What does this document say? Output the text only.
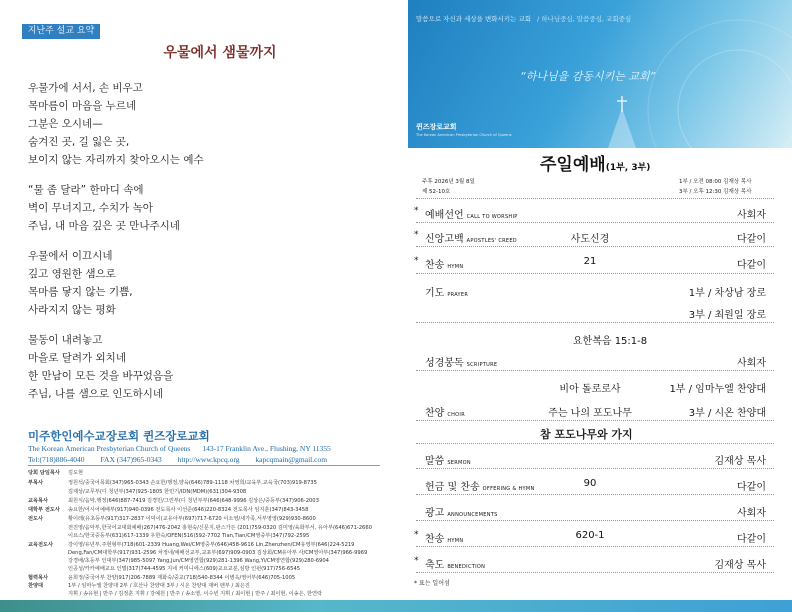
지난주 설교 요약
우물에서 샘물까지
우물가에 서서, 손 비우고
목마름이 마음을 누르네
그분은 오시네—
숨겨진 곳, 길 잃은 곳,
보이지 않는 자리까지 찾아오시는 예수
“물 좀 달라” 한마디 속에
벽이 무너지고, 수치가 녹아
주님, 내 마음 깊은 곳 만나주시네
우물에서 이끄시네
깊고 영원한 샘으로
목마름 닿지 않는 기쁨,
사라지지 않는 평화
물동이 내려놓고
마을로 달려가 외치네
한 만남이 모든 것을 바꾸었음을
주님, 나를 샘으로 인도하시네
미주한인예수교장로회 퀸즈장로교회
The Korean American Presbyterian Church of Queens 143-17 Franklin Ave., Flushing, NY 11355
Tel:(718)886-4040 FAX (347)965-0343 http://www.kpcq.org kapcqmain@gmail.com
당회 담임목사 김도현
부목사	정원석/중국어목회(347)965-0343 손요한/행정,양육(646)789-1118 차영희/교육부,교육국(703)919-8735
김재상/교무부(디 청년부(347)925-1805 한민기/IDN(MDM)(631)304-9308
교육목사	최원식/음악,행정(646)887-7419 김경민/그린부(디 청년부부(646)648-9996 김상은/중등부(347)906-2003
대학부 전도사 송요한/어시어예배부(917)940-0396 전도목사 이선준(646)220-8324 전도목사 임지훈(347)843-3458
전도사	황이레(유초등부(917)317-2837 이덕이(교유아부(697)717-6720 이소영/새가족,서부영영(929)930-8600
전진영/음악부,한국어교대회예배(267)476-2042 홍현숙/신문지,판스가든 (201)759-0320 김미영/육화부서, 유아부(646)671-2660
이요스/한국중등부(631)617-1339 우한숙/OFEN(516)592-7702 Tian,Tian/CM영중부(347)792-2595
교육전도사	강이영/유년부,주현형부(718)601-2339 Huang,Wei/CM영중부(646)458-9616 Lin,Zhenzhen/CM유영부(646)224-5219
Deng,Fan/CM대학부(917)931-2596 차정네/예배선교부,교포부(697)909-0903 김상회/CM유아부 사/CM영아부(347)966-9969
강경배/초등부 인대부(347)985-5097 Yang,Jun/CM영연합(929)281-1396 Wang,Yi/CM영연합(929)280-6904
인공성/카카예배교요 인벌(317)744-4595 지네 커미니에스(609)교요교분,심방 인펀(917)756-6545
협력목사	윤희정/중국어부 찬양(917)206-7889 재화숙/중교(718)540-8344 이병옥/영어부(646)705-1005
찬양대	1부 / 임마누엘 찬양대 2부 / 호산나 찬양대 3부 / 시온 찬양대 재버 팬부 / 최은진
지휘 / 송유현 | 반주 / 김정훈 지휘 / 강예원 | 반주 / 송소영, 이수빈 지휘 / 최이현 | 반주 / 최이현, 이송은, 한연락
말씀으로 자신과 세상을 변화시키는 교회 / 하나님중심, 말씀중심, 교회중심
“하나님을 감동시키는 교회”
퀸즈장로교회
The Korean American Presbyterian Church of Queens
주일예배(1부, 3부)
주후 2026년 3월 8일
제 52-10호
1부 / 오전 08:00 김재상 목사
3부 / 오후 12:30 김재상 목사
* 예배선언 CALL TO WORSHIP	사회자
* 신앙고백 APOSTLES' CREED	사도신경	다같이
* 찬송 HYMN	21	다같이
기도 PRAYER	1부 / 차상남 장로
3부 / 최원일 장로
요한복음 15:1-8
성경봉독 SCRIPTURE	사회자
비아 돌로로사	1부 / 임마누엘 찬양대
찬양 CHOIR	주는 나의 포도나무	3부 / 시온 찬양대
참 포도나무와 가지
말씀 SERMON	김재상 목사
헌금 및 찬송 OFFERING & HYMN	90	다같이
광고 ANNOUNCEMENTS	사회자
* 찬송 HYMN	620-1	다같이
* 축도 BENEDICTION	김재상 목사
* 표는 일어섬
